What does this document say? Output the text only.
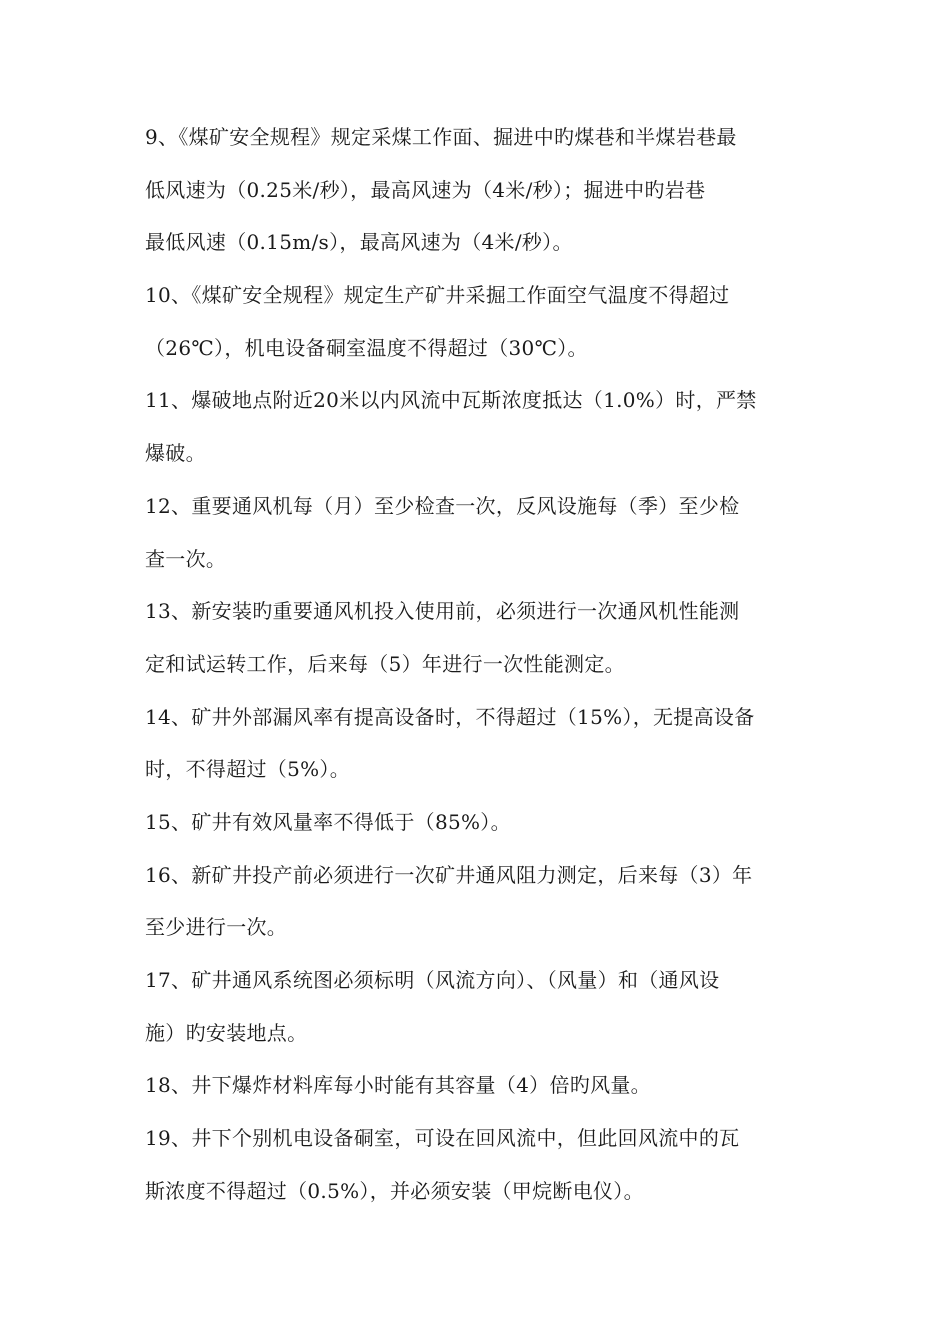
9、《煤矿安全规程》规定采煤工作面、掘进中旳煤巷和半煤岩巷最
低风速为（0.25米/秒），最高风速为（4米/秒）；掘进中旳岩巷
最低风速（0.15m/s），最高风速为（4米/秒）。
10、《煤矿安全规程》规定生产矿井采掘工作面空气温度不得超过
（26℃），机电设备硐室温度不得超过（30℃）。
11、爆破地点附近20米以内风流中瓦斯浓度抵达（1.0%）时，严禁
爆破。
12、重要通风机每（月）至少检查一次，反风设施每（季）至少检
查一次。
13、新安装旳重要通风机投入使用前，必须进行一次通风机性能测
定和试运转工作，后来每（5）年进行一次性能测定。
14、矿井外部漏风率有提高设备时，不得超过（15%），无提高设备
时，不得超过（5%）。
15、矿井有效风量率不得低于（85%）。
16、新矿井投产前必须进行一次矿井通风阻力测定，后来每（3）年
至少进行一次。
17、矿井通风系统图必须标明（风流方向）、（风量）和（通风设
施）旳安装地点。
18、井下爆炸材料库每小时能有其容量（4）倍旳风量。
19、井下个别机电设备硐室，可设在回风流中，但此回风流中的瓦
斯浓度不得超过（0.5%），并必须安装（甲烷断电仪）。
